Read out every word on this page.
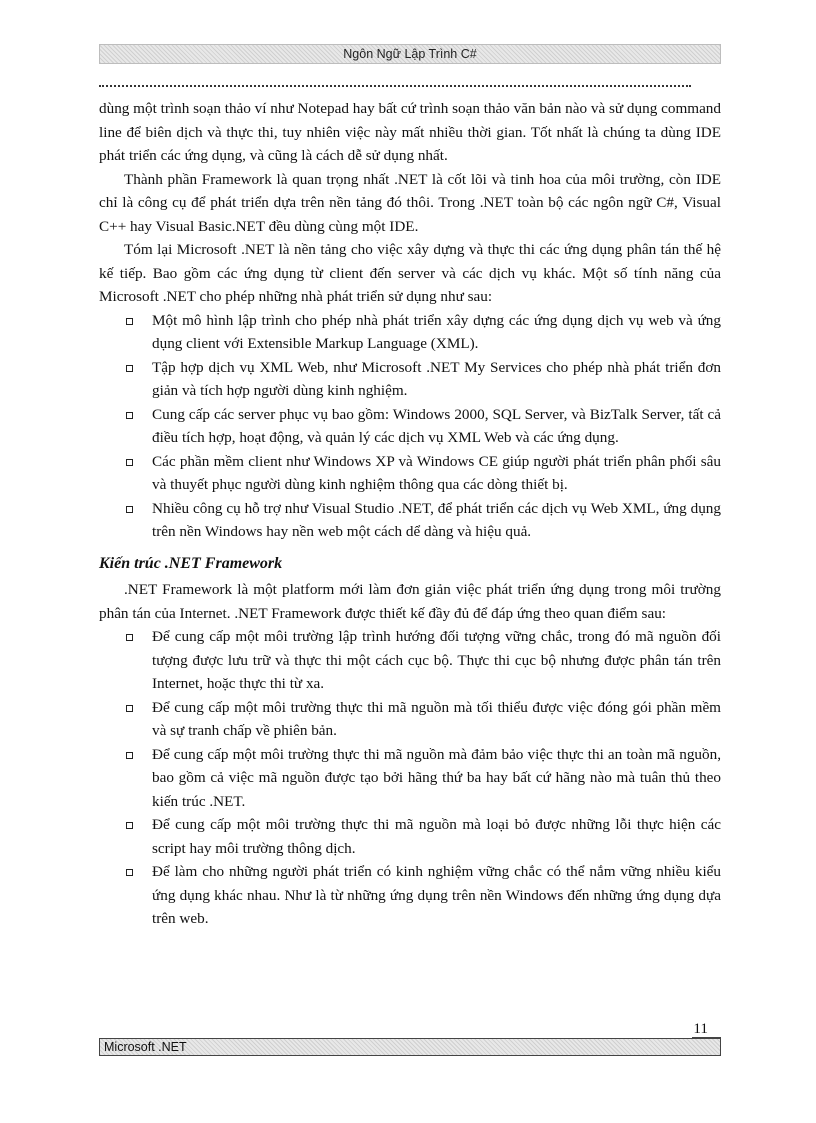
Ngôn Ngữ Lập Trình C#

dùng một trình soạn thảo ví như Notepad hay bất cứ trình soạn thảo văn bản nào và sử dụng command line để biên dịch và thực thi, tuy nhiên việc này mất nhiều thời gian. Tốt nhất là chúng ta dùng IDE phát triển các ứng dụng, và cũng là cách dễ sử dụng nhất.

Thành phần Framework là quan trọng nhất .NET là cốt lõi và tinh hoa của môi trường, còn IDE chỉ là công cụ để phát triển dựa trên nền tảng đó thôi. Trong .NET toàn bộ các ngôn ngữ C#, Visual C++ hay Visual Basic.NET đều dùng cùng một IDE.

Tóm lại Microsoft .NET là nền tảng cho việc xây dựng và thực thi các ứng dụng phân tán thế hệ kế tiếp. Bao gồm các ứng dụng từ client đến server và các dịch vụ khác. Một số tính năng của Microsoft .NET cho phép những nhà phát triển sử dụng như sau:

Một mô hình lập trình cho phép nhà phát triển xây dựng các ứng dụng dịch vụ web và ứng dụng client với Extensible Markup Language (XML).
Tập hợp dịch vụ XML Web, như Microsoft .NET My Services cho phép nhà phát triển đơn giản và tích hợp người dùng kinh nghiệm.
Cung cấp các server phục vụ bao gồm: Windows 2000, SQL Server, và BizTalk Server, tất cả điều tích hợp, hoạt động, và quản lý các dịch vụ XML Web và các ứng dụng.
Các phần mềm client như Windows XP và Windows CE giúp người phát triển phân phối sâu và thuyết phục người dùng kinh nghiệm thông qua các dòng thiết bị.
Nhiều công cụ hỗ trợ như Visual Studio .NET, để phát triển các dịch vụ Web XML, ứng dụng trên nền Windows hay nền web một cách dể dàng và hiệu quả.
Kiến trúc .NET Framework

.NET Framework là một platform mới làm đơn giản việc phát triển ứng dụng trong môi trường phân tán của Internet. .NET Framework được thiết kế đầy đủ để đáp ứng theo quan điểm sau:

Để cung cấp một môi trường lập trình hướng đối tượng vững chắc, trong đó mã nguồn đối tượng được lưu trữ và thực thi một cách cục bộ. Thực thi cục bộ nhưng được phân tán trên Internet, hoặc thực thi từ xa.
Để cung cấp một môi trường thực thi mã nguồn mà tối thiểu được việc đóng gói phần mềm và sự tranh chấp về phiên bản.
Để cung cấp một môi trường thực thi mã nguồn mà đảm bảo việc thực thi an toàn mã nguồn, bao gồm cả việc mã nguồn được tạo bởi hãng thứ ba hay bất cứ hãng nào mà tuân thủ theo kiến trúc .NET.
Để cung cấp một môi trường thực thi mã nguồn mà loại bỏ được những lỗi thực hiện các script hay môi trường thông dịch.
Để làm cho những người phát triển có kinh nghiệm vững chắc có thể nắm vững nhiều kiểu ứng dụng khác nhau. Như là từ những ứng dụng trên nền Windows đến những ứng dụng dựa trên web.
11
Microsoft .NET
